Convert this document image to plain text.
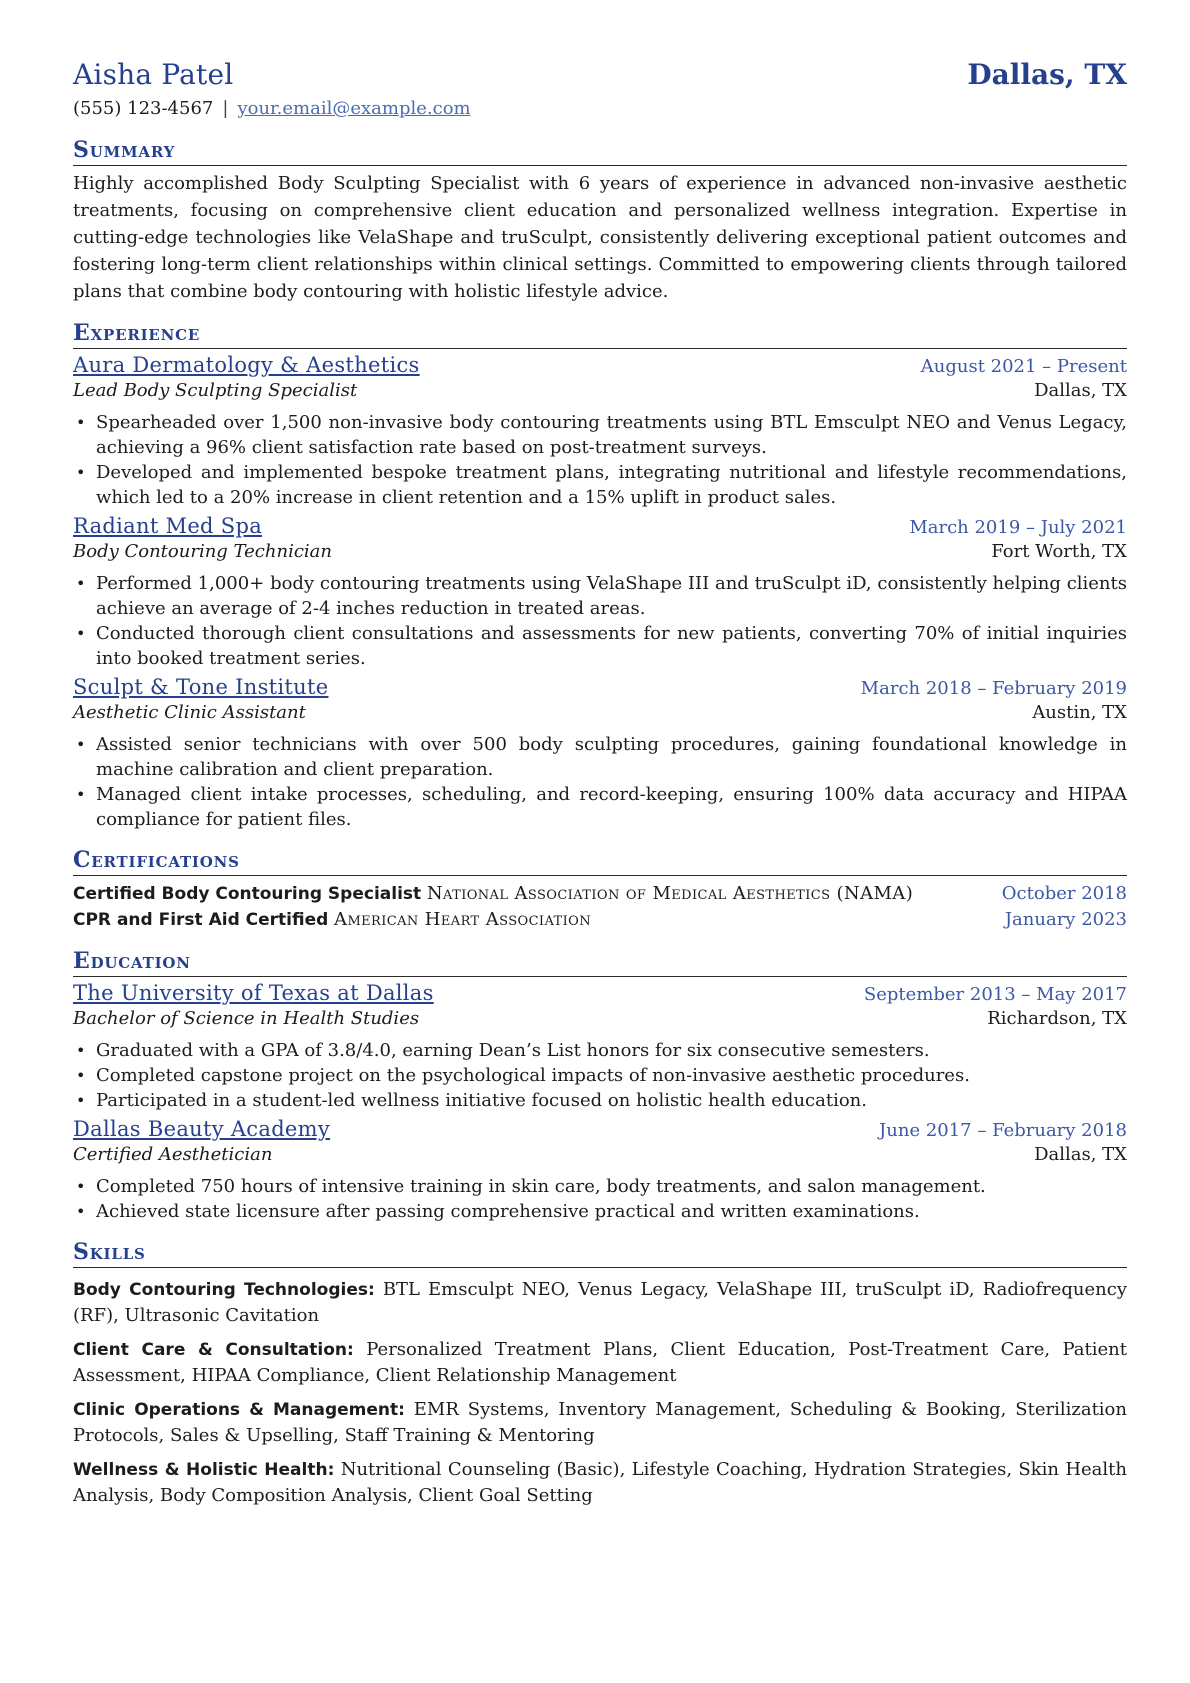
Aisha Patel	Dallas, TX
(555) 123-4567 | your.email@example.com
Summary
Highly accomplished Body Sculpting Specialist with 6 years of experience in advanced non-invasive aesthetic treatments, focusing on comprehensive client education and personalized wellness integration. Expertise in cutting-edge technologies like VelaShape and truSculpt, consistently delivering exceptional patient outcomes and fostering long-term client relationships within clinical settings. Committed to empowering clients through tailored plans that combine body contouring with holistic lifestyle advice.
Experience
Aura Dermatology & Aesthetics	August 2021 – Present
Lead Body Sculpting Specialist	Dallas, TX
• Spearheaded over 1,500 non-invasive body contouring treatments using BTL Emsculpt NEO and Venus Legacy, achieving a 96% client satisfaction rate based on post-treatment surveys.
• Developed and implemented bespoke treatment plans, integrating nutritional and lifestyle recommendations, which led to a 20% increase in client retention and a 15% uplift in product sales.
Radiant Med Spa	March 2019 – July 2021
Body Contouring Technician	Fort Worth, TX
• Performed 1,000+ body contouring treatments using VelaShape III and truSculpt iD, consistently helping clients achieve an average of 2-4 inches reduction in treated areas.
• Conducted thorough client consultations and assessments for new patients, converting 70% of initial inquiries into booked treatment series.
Sculpt & Tone Institute	March 2018 – February 2019
Aesthetic Clinic Assistant	Austin, TX
• Assisted senior technicians with over 500 body sculpting procedures, gaining foundational knowledge in machine calibration and client preparation.
• Managed client intake processes, scheduling, and record-keeping, ensuring 100% data accuracy and HIPAA compliance for patient files.
Certifications
Certified Body Contouring Specialist National Association of Medical Aesthetics (NAMA)	October 2018
CPR and First Aid Certified American Heart Association	January 2023
Education
The University of Texas at Dallas	September 2013 – May 2017
Bachelor of Science in Health Studies	Richardson, TX
• Graduated with a GPA of 3.8/4.0, earning Dean’s List honors for six consecutive semesters.
• Completed capstone project on the psychological impacts of non-invasive aesthetic procedures.
• Participated in a student-led wellness initiative focused on holistic health education.
Dallas Beauty Academy	June 2017 – February 2018
Certified Aesthetician	Dallas, TX
• Completed 750 hours of intensive training in skin care, body treatments, and salon management.
• Achieved state licensure after passing comprehensive practical and written examinations.
Skills
Body Contouring Technologies: BTL Emsculpt NEO, Venus Legacy, VelaShape III, truSculpt iD, Radiofrequency (RF), Ultrasonic Cavitation
Client Care & Consultation: Personalized Treatment Plans, Client Education, Post-Treatment Care, Patient Assessment, HIPAA Compliance, Client Relationship Management
Clinic Operations & Management: EMR Systems, Inventory Management, Scheduling & Booking, Sterilization Protocols, Sales & Upselling, Staff Training & Mentoring
Wellness & Holistic Health: Nutritional Counseling (Basic), Lifestyle Coaching, Hydration Strategies, Skin Health Analysis, Body Composition Analysis, Client Goal Setting
